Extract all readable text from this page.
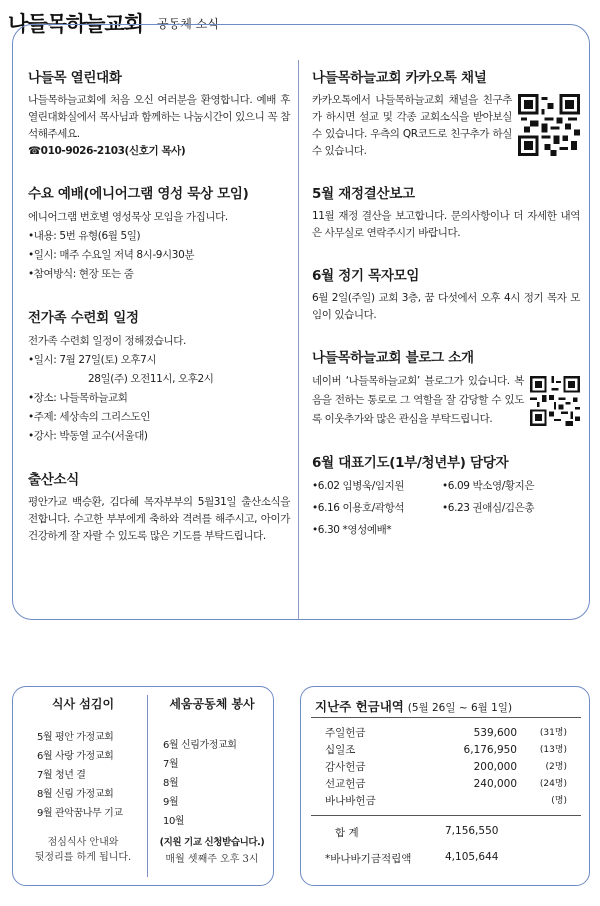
나들목하늘교회 공동체 소식
나들목 열린대화
나들목하늘교회에 처음 오신 여러분을 환영합니다. 예배 후 열린대화실에서 목사님과 함께하는 나눔시간이 있으니 꼭 참석해주세요.
☎010-9026-2103(신호기 목사)
수요 예배(에니어그램 영성 묵상 모임)
에니어그램 번호별 영성묵상 모임을 가집니다.
•내용: 5번 유형(6월 5일)
•일시: 매주 수요일 저녁 8시-9시30분
•참여방식: 현장 또는 줌
전가족 수련회 일정
전가족 수련회 일정이 정해졌습니다.
•일시: 7월 27일(토) 오후7시
28일(주) 오전11시, 오후2시
•장소: 나들목하늘교회
•주제: 세상속의 그리스도인
•강사: 박동열 교수(서울대)
출산소식
평안가교 백승환, 김다혜 목자부부의 5월31일 출산소식을 전합니다. 수고한 부부에게 축하와 격려를 해주시고, 아이가 건강하게 잘 자랄 수 있도록 많은 기도를 부탁드립니다.
나들목하늘교회 카카오톡 채널
카카오톡에서 나들목하늘교회 채널을 친구추가 하시면 설교 및 각종 교회소식을 받아보실 수 있습니다. 우측의 QR코드로 친구추가 하실 수 있습니다.
5월 재정결산보고
11월 재정 결산을 보고합니다. 문의사항이나 더 자세한 내역은 사무실로 연락주시기 바랍니다.
6월 정기 목자모임
6월 2일(주일) 교회 3층, 꿈 다섯에서 오후 4시 정기 목자 모임이 있습니다.
나들목하늘교회 블로그 소개
네이버 ‘나들목하늘교회’ 블로그가 있습니다. 복음을 전하는 통로로 그 역할을 잘 감당할 수 있도록 이웃추가와 많은 관심을 부탁드립니다.
6월 대표기도(1부/청년부) 담당자
•6.02 임병욱/임지원	•6.09 박소영/황지은
•6.16 이용호/곽항석	•6.23 권애심/김은총
•6.30 *영성예배*
식사 섬김이
5월 평안 가정교회
6월 사랑 가정교회
7월 청년 결
8월 신림 가정교회
9월 관악꿈나무 기교
점심식사 안내와
뒷정리를 하게 됩니다.
세움공동체 봉사
6월 신림가정교회
7월
8월
9월
10월
(지원 기교 신청받습니다.)
매월 셋째주 오후 3시
지난주 헌금내역 (5월 26일 ~ 6월 1일)
주일헌금	539,600	(31명)
십일조	6,176,950	(13명)
감사헌금	200,000	(2명)
선교헌금	240,000	(24명)
바나바헌금	(명)
합 계	7,156,550
*바나바기금적립액	4,105,644
